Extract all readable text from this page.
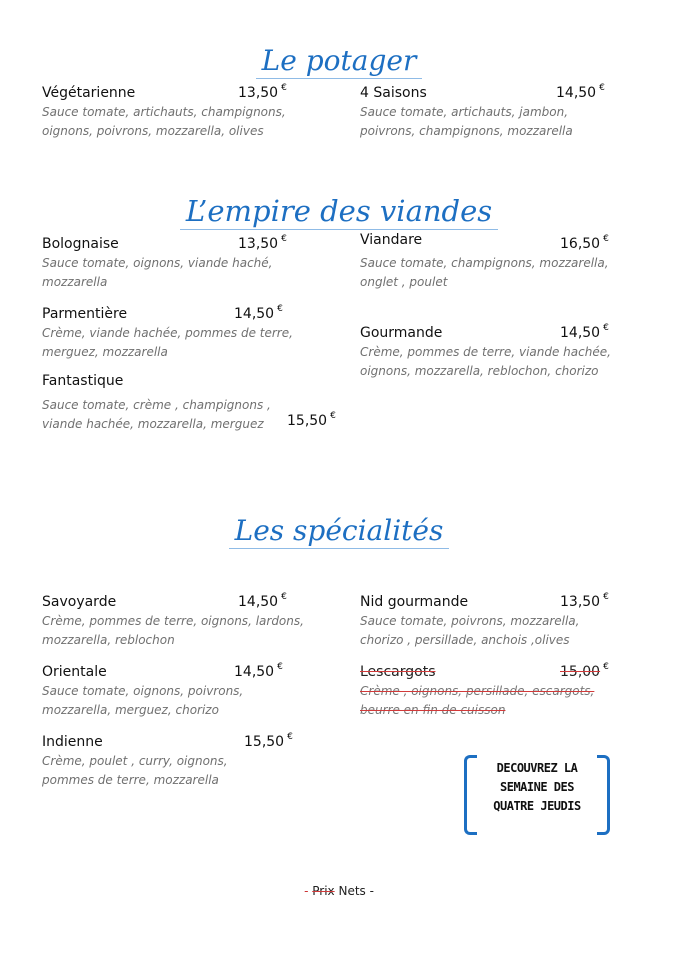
Le potager
Végétarienne	13,50 €
Sauce tomate, artichauts, champignons,
oignons, poivrons, mozzarella, olives
4 Saisons	14,50 €
Sauce tomate, artichauts, jambon,
poivrons, champignons, mozzarella
L’empire des viandes
Bolognaise	13,50 €
Sauce tomate, oignons, viande haché,
mozzarella
Parmentière	14,50 €
Crème, viande hachée, pommes de terre,
merguez, mozzarella
Fantastique
Sauce tomate, crème , champignons ,
viande hachée, mozzarella, merguez	15,50 €
Viandare	16,50 €
Sauce tomate, champignons, mozzarella,
onglet , poulet
Gourmande	14,50 €
Crème, pommes de terre, viande hachée,
oignons, mozzarella, reblochon, chorizo
Les spécialités
Savoyarde	14,50 €
Crème, pommes de terre, oignons, lardons,
mozzarella, reblochon
Orientale	14,50 €
Sauce tomate, oignons, poivrons,
mozzarella, merguez, chorizo
Indienne	15,50 €
Crème, poulet , curry, oignons,
pommes de terre, mozzarella
Nid gourmande	13,50 €
Sauce tomate, poivrons, mozzarella,
chorizo , persillade, anchois ,olives
Lescargots	15,00 €
Crème , oignons, persillade, escargots,
beurre en fin de cuisson
DECOUVREZ LA
SEMAINE DES
QUATRE JEUDIS
- Prix Nets -
